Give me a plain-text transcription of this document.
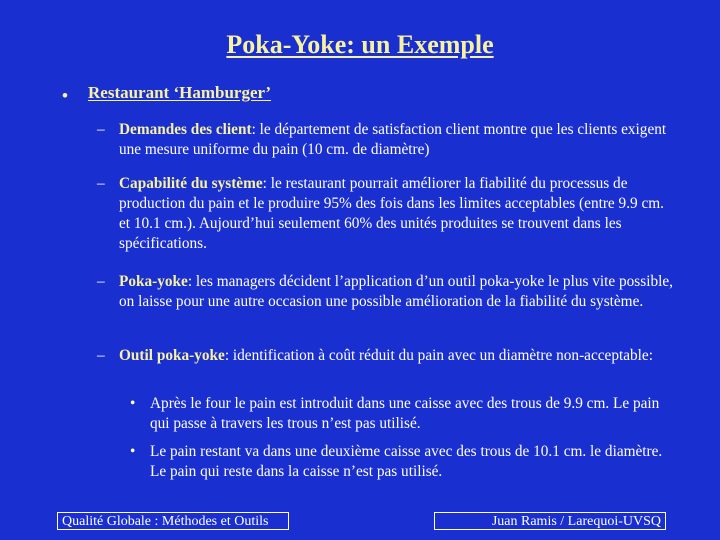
Poka-Yoke: un Exemple
• Restaurant ‘Hamburger’
– Demandes des client: le département de satisfaction client montre que les clients exigent une mesure uniforme du pain (10 cm. de diamètre)
– Capabilité du système: le restaurant pourrait améliorer la fiabilité du processus de production du pain et le produire 95% des fois dans les limites acceptables (entre 9.9 cm. et 10.1 cm.). Aujourd’hui seulement 60% des unités produites se trouvent dans les spécifications.
– Poka-yoke: les managers décident l’application d’un outil poka-yoke le plus vite possible, on laisse pour une autre occasion une possible amélioration de la fiabilité du système.
– Outil poka-yoke: identification à coût réduit du pain avec un diamètre non-acceptable:
• Après le four le pain est introduit dans une caisse avec des trous de 9.9 cm. Le pain qui passe à travers les trous n’est pas utilisé.
• Le pain restant va dans une deuxième caisse avec des trous de 10.1 cm. le diamètre. Le pain qui reste dans la caisse n’est pas utilisé.
Qualité Globale : Méthodes et Outils	Juan Ramis / Larequoi-UVSQ
